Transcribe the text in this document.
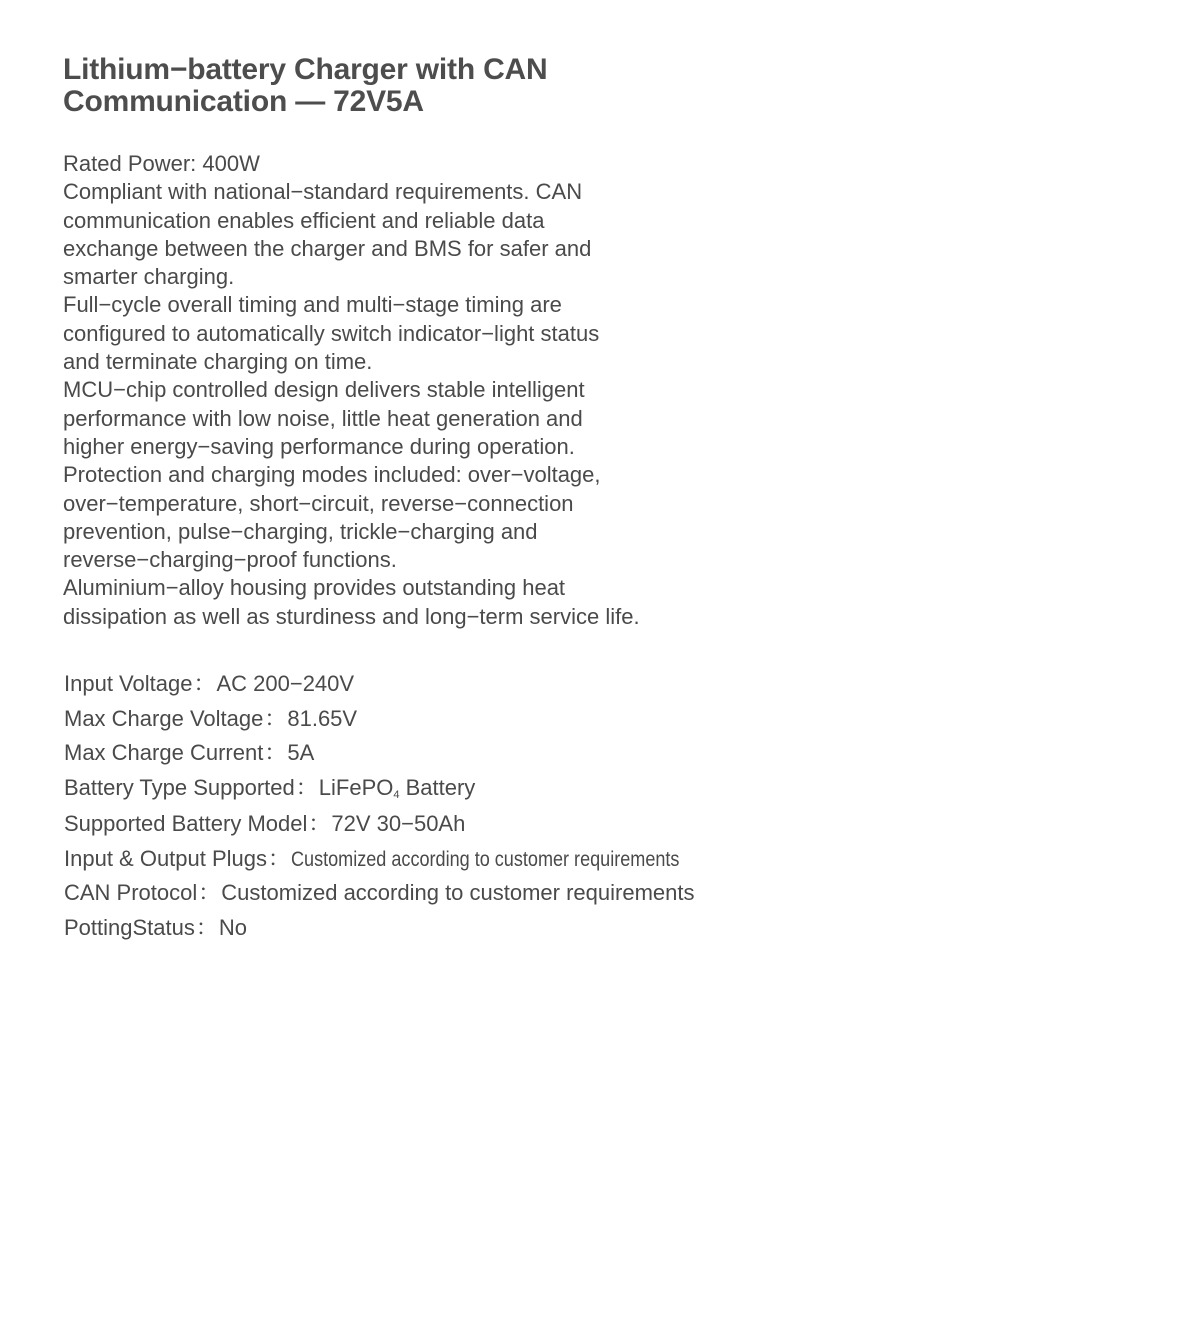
Lithium−battery Charger with CAN
Communication — 72V5A
Rated Power: 400W
Compliant with national−standard requirements. CAN
communication enables efficient and reliable data
exchange between the charger and BMS for safer and
smarter charging.
Full−cycle overall timing and multi−stage timing are
configured to automatically switch indicator−light status
and terminate charging on time.
MCU−chip controlled design delivers stable intelligent
performance with low noise, little heat generation and
higher energy−saving performance during operation.
Protection and charging modes included: over−voltage,
over−temperature, short−circuit, reverse−connection
prevention, pulse−charging, trickle−charging and
reverse−charging−proof functions.
Aluminium−alloy housing provides outstanding heat
dissipation as well as sturdiness and long−term service life.
Input Voltage：AC 200−240V
Max Charge Voltage：81.65V
Max Charge Current：5A
Battery Type Supported：LiFePO$_4$ Battery
Supported Battery Model：72V 30−50Ah
Input & Output Plugs：Customized according to customer requirements
CAN Protocol：Customized according to customer requirements
PottingStatus：No
